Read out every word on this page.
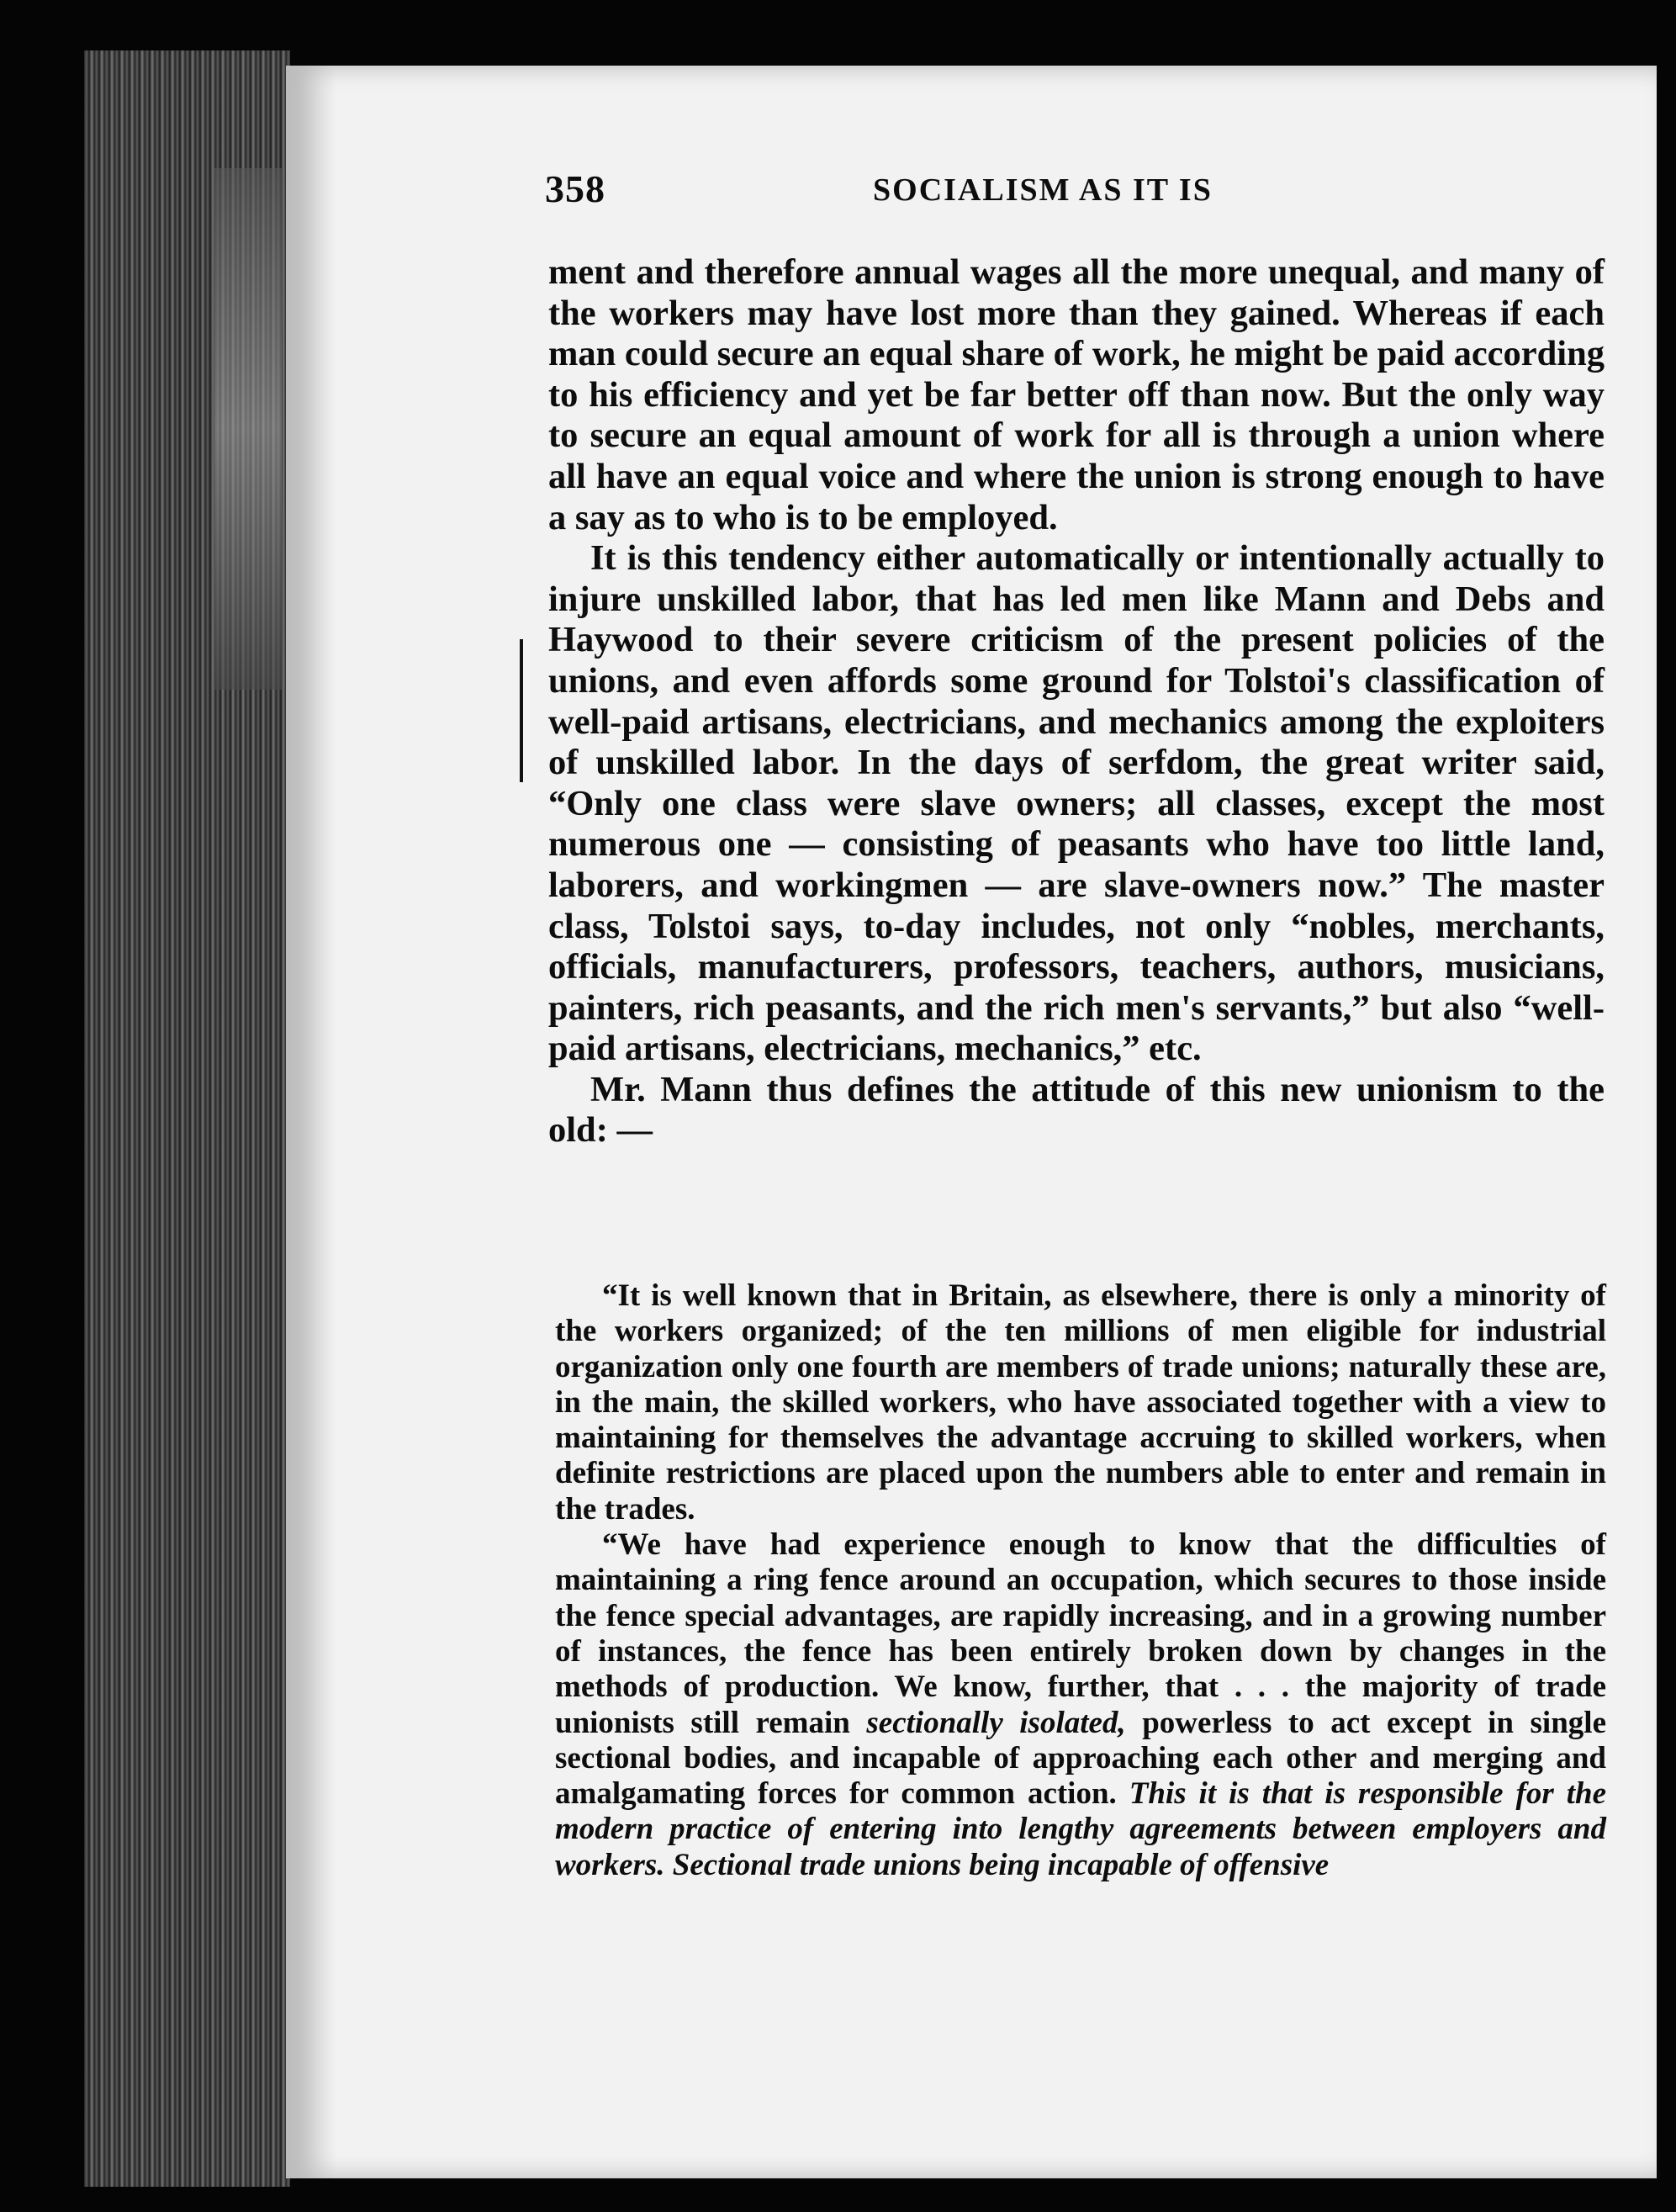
358	SOCIALISM AS IT IS

ment and therefore annual wages all the more unequal, and many of the workers may have lost more than they gained. Whereas if each man could secure an equal share of work, he might be paid according to his efficiency and yet be far better off than now. But the only way to secure an equal amount of work for all is through a union where all have an equal voice and where the union is strong enough to have a say as to who is to be employed.

It is this tendency either automatically or intentionally actually to injure unskilled labor, that has led men like Mann and Debs and Haywood to their severe criticism of the present policies of the unions, and even affords some ground for Tolstoi's classification of well-paid artisans, electricians, and mechanics among the exploiters of unskilled labor. In the days of serfdom, the great writer said, “Only one class were slave owners; all classes, except the most numerous one — consisting of peasants who have too little land, laborers, and workingmen — are slave-owners now.” The master class, Tolstoi says, to-day includes, not only “nobles, merchants, officials, manufacturers, professors, teachers, authors, musicians, painters, rich peasants, and the rich men's servants,” but also “well-paid artisans, electricians, mechanics,” etc.

Mr. Mann thus defines the attitude of this new unionism to the old: —

“It is well known that in Britain, as elsewhere, there is only a minority of the workers organized; of the ten millions of men eligible for industrial organization only one fourth are members of trade unions; naturally these are, in the main, the skilled workers, who have associated together with a view to maintaining for themselves the advantage accruing to skilled workers, when definite restrictions are placed upon the numbers able to enter and remain in the trades.

“We have had experience enough to know that the difficulties of maintaining a ring fence around an occupation, which secures to those inside the fence special advantages, are rapidly increasing, and in a growing number of instances, the fence has been entirely broken down by changes in the methods of production. We know, further, that . . . the majority of trade unionists still remain sectionally isolated, powerless to act except in single sectional bodies, and incapable of approaching each other and merging and amalgamating forces for common action. This it is that is responsible for the modern practice of entering into lengthy agreements between employers and workers. Sectional trade unions being incapable of offensive
